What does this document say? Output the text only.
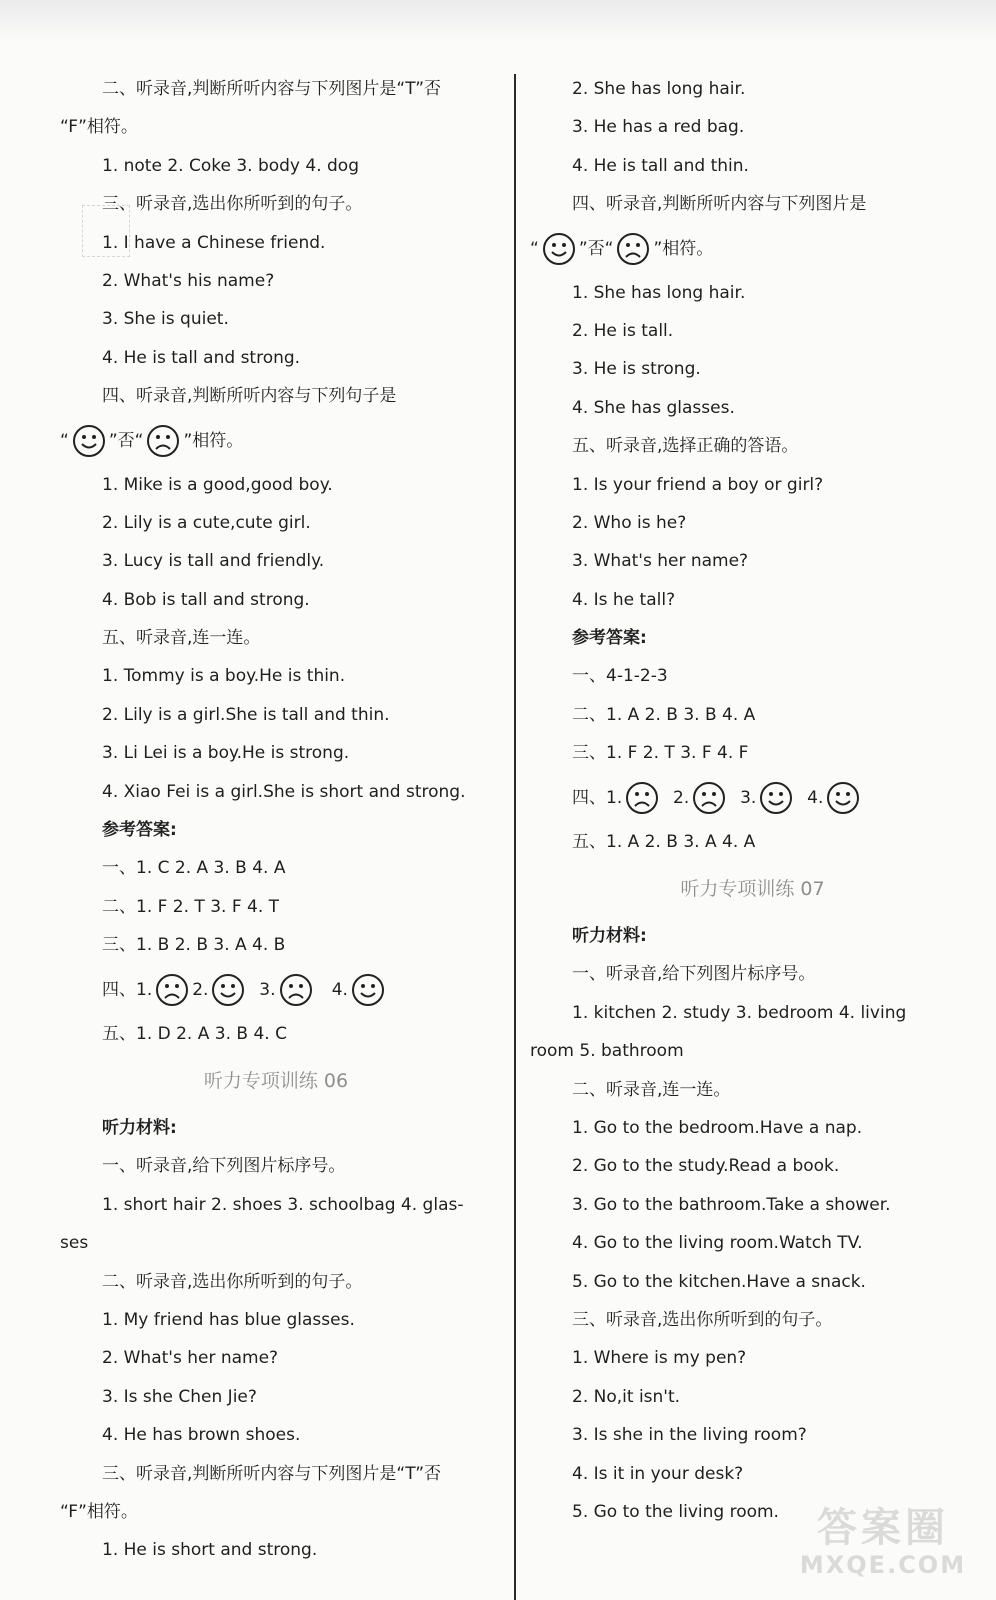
二、听录音,判断所听内容与下列图片是“T”否
“F”相符。
1. note 2. Coke 3. body 4. dog
三、听录音,选出你所听到的句子。
1. I have a Chinese friend.
2. What's his name?
3. She is quiet.
4. He is tall and strong.
四、听录音,判断所听内容与下列句子是
“ ”否“ ”相符。
1. Mike is a good,good boy.
2. Lily is a cute,cute girl.
3. Lucy is tall and friendly.
4. Bob is tall and strong.
五、听录音,连一连。
1. Tommy is a boy.He is thin.
2. Lily is a girl.She is tall and thin.
3. Li Lei is a boy.He is strong.
4. Xiao Fei is a girl.She is short and strong.
参考答案:
一、1. C 2. A 3. B 4. A
二、1. F 2. T 3. F 4. T
三、1. B 2. B 3. A 4. B
四、1. 2.	3.	4.
五、1. D 2. A 3. B 4. C
听力专项训练 06
听力材料:
一、听录音,给下列图片标序号。
1. short hair 2. shoes 3. schoolbag 4. glas-
ses
二、听录音,选出你所听到的句子。
1. My friend has blue glasses.
2. What's her name?
3. Is she Chen Jie?
4. He has brown shoes.
三、听录音,判断所听内容与下列图片是“T”否
“F”相符。
1. He is short and strong.
2. She has long hair.
3. He has a red bag.
4. He is tall and thin.
四、听录音,判断所听内容与下列图片是
“ ”否“ ”相符。
1. She has long hair.
2. He is tall.
3. He is strong.
4. She has glasses.
五、听录音,选择正确的答语。
1. Is your friend a boy or girl?
2. Who is he?
3. What's her name?
4. Is he tall?
参考答案:
一、4-1-2-3
二、1. A 2. B 3. B 4. A
三、1. F 2. T 3. F 4. F
四、1.	2.	3.	4.
五、1. A 2. B 3. A 4. A
听力专项训练 07
听力材料:
一、听录音,给下列图片标序号。
1. kitchen 2. study 3. bedroom 4. living
room 5. bathroom
二、听录音,连一连。
1. Go to the bedroom.Have a nap.
2. Go to the study.Read a book.
3. Go to the bathroom.Take a shower.
4. Go to the living room.Watch TV.
5. Go to the kitchen.Have a snack.
三、听录音,选出你所听到的句子。
1. Where is my pen?
2. No,it isn't.
3. Is she in the living room?
4. Is it in your desk?
5. Go to the living room. 答案圈
MXQE.COM
